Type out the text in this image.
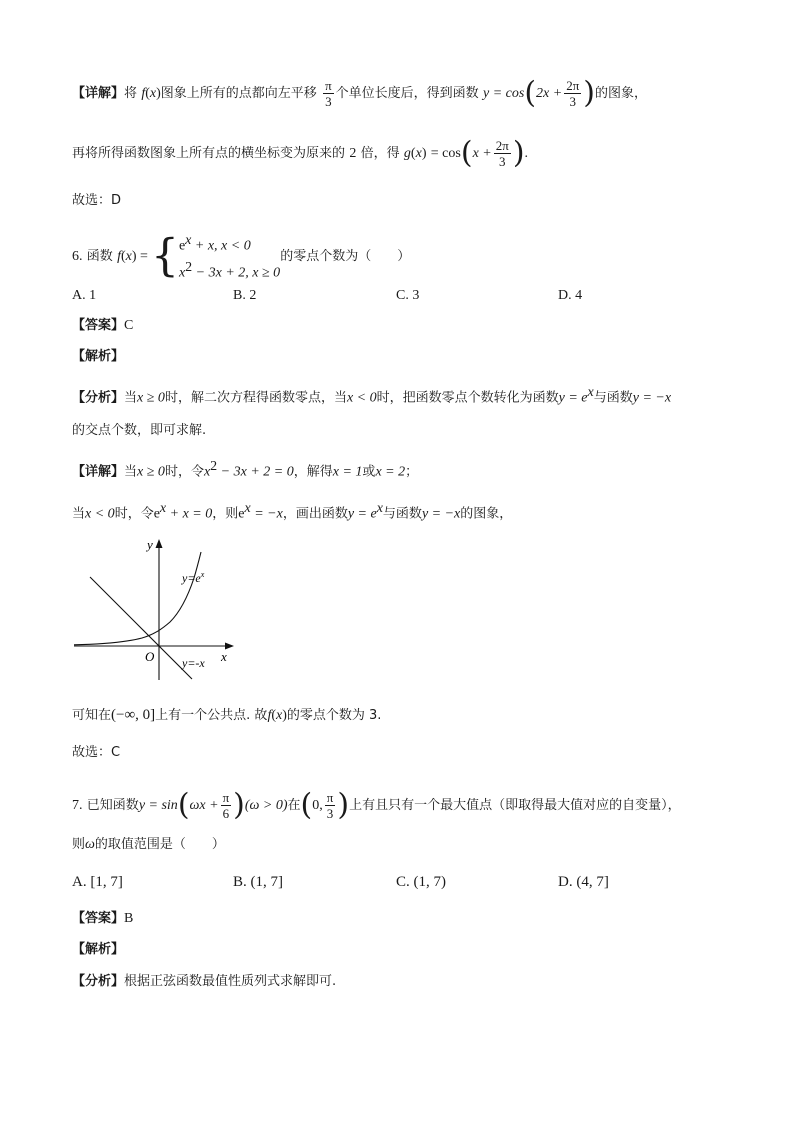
【详解】将 f(x)图象上所有的点都向左平移 $\frac{\pi}{3}$ 个单位长度后，得到函数 $y = \cos(2x + \frac{2\pi}{3}$ )的图象，
再将所得函数图象上所有点的横坐标变为原来的 2 倍，得 $g(x) = \cos(x + \frac{2\pi}{3}$ ).
故选：D
6. 函数 f(x) ={ $e^x + x$, x < 0
$x^2 - 3x + 2$, x ≥ 0
的零点个数为（　　）
A. 1	B. 2	C. 3	D. 4
【答案】C
【解析】
【分析】当x ≥ 0时，解二次方程得函数零点，当x < 0时，把函数零点个数转化为函数$y = e^x$与函数y = −x
的交点个数，即可求解.
【详解】当x ≥ 0时，令$x^2 - 3x + 2 = 0$，解得x = 1或x = 2；
当x < 0时，令$e^x + x = 0$，则$e^x = -x$，画出函数$y = e^x$与函数y = −x的图象，
y
x
O
$y=e^x$
y=-x
可知在(−∞, 0]上有一个公共点. 故f(x)的零点个数为 3.
故选：C
7. 已知函数$y = \sin(\omega x + \frac{\pi}{6} )(\omega > 0)$在(0, $\frac{\pi}{3}$ )上有且只有一个最大值点（即取得最大值对应的自变量），
则ω的取值范围是（　　）
A. [1, 7]	B. (1, 7]	C. (1, 7)	D. (4, 7]
【答案】B
【解析】
【分析】根据正弦函数最值性质列式求解即可.
